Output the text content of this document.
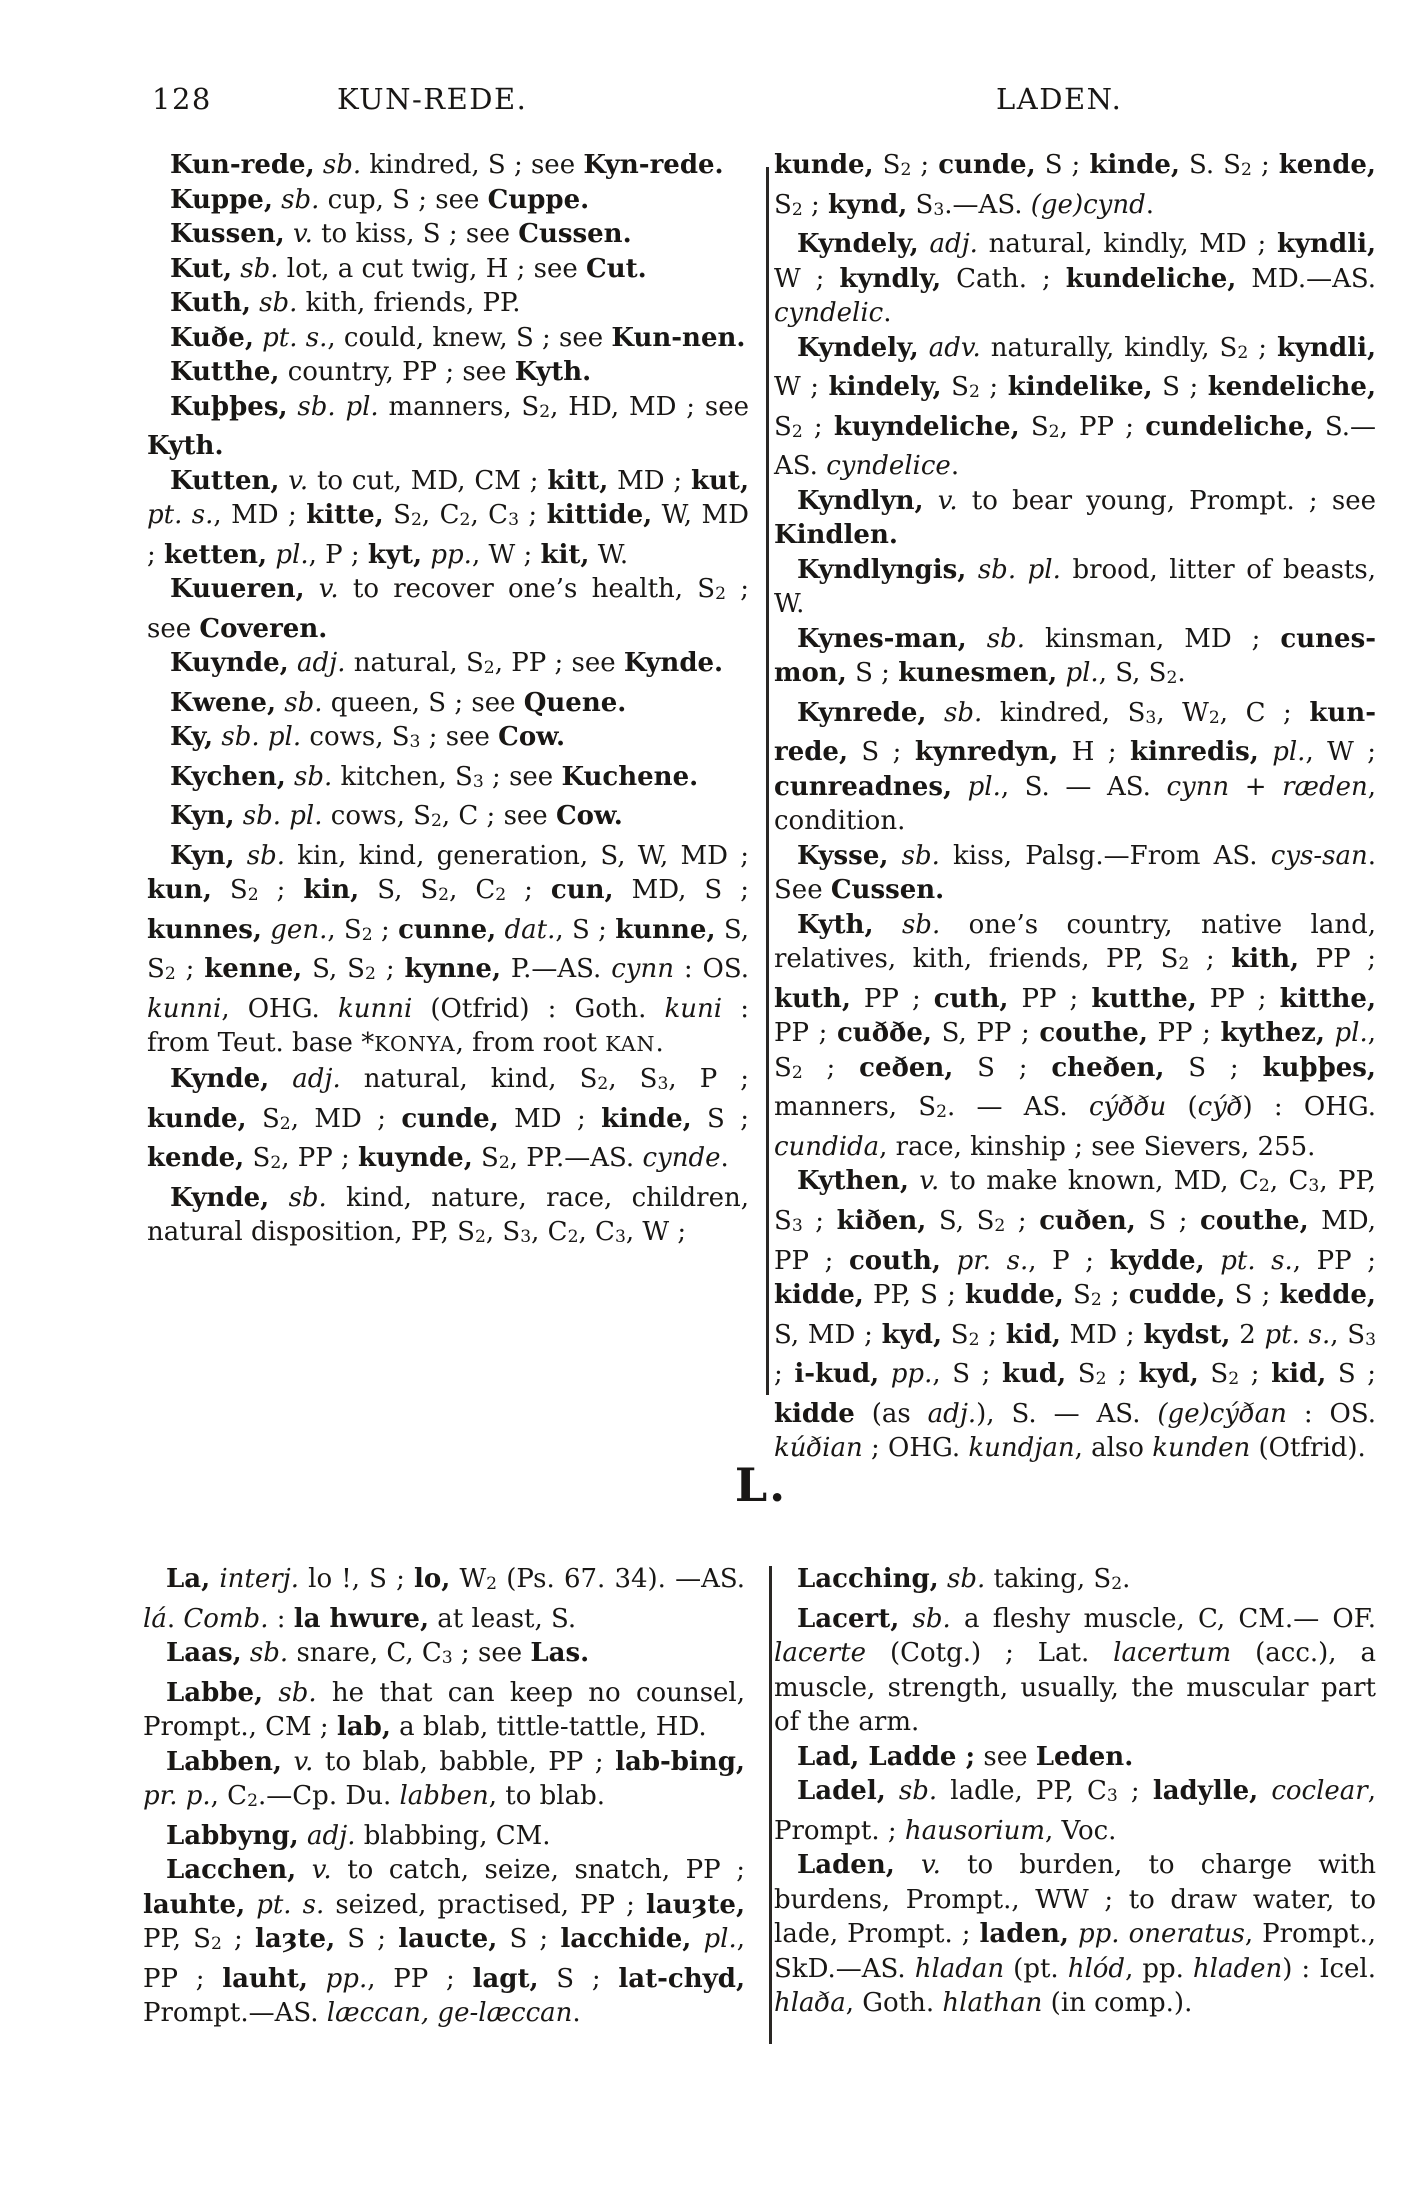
128	KUN-REDE.	LADEN.

Kun-rede, sb. kindred, S ; see Kyn-rede.

Kuppe, sb. cup, S ; see Cuppe.

Kussen, v. to kiss, S ; see Cussen.

Kut, sb. lot, a cut twig, H ; see Cut.

Kuth, sb. kith, friends, PP.

Kuðe, pt. s., could, knew, S ; see Kun-nen.

Kutthe, country, PP ; see Kyth.

Kuþþes, sb. pl. manners, S2, HD, MD ; see Kyth.

Kutten, v. to cut, MD, CM ; kitt, MD ; kut, pt. s., MD ; kitte, S2, C2, C3 ; kittide, W, MD ; ketten, pl., P ; kyt, pp., W ; kit, W.

Kuueren, v. to recover one’s health, S2 ; see Coveren.

Kuynde, adj. natural, S2, PP ; see Kynde.

Kwene, sb. queen, S ; see Quene.

Ky, sb. pl. cows, S3 ; see Cow.

Kychen, sb. kitchen, S3 ; see Kuchene.

Kyn, sb. pl. cows, S2, C ; see Cow.

Kyn, sb. kin, kind, generation, S, W, MD ; kun, S2 ; kin, S, S2, C2 ; cun, MD, S ; kunnes, gen., S2 ; cunne, dat., S ; kunne, S, S2 ; kenne, S, S2 ; kynne, P.—AS. cynn : OS. kunni, OHG. kunni (Otfrid) : Goth. kuni : from Teut. base *KONYA, from root KAN.

Kynde, adj. natural, kind, S2, S3, P ; kunde, S2, MD ; cunde, MD ; kinde, S ; kende, S2, PP ; kuynde, S2, PP.—AS. cynde.

Kynde, sb. kind, nature, race, children, natural disposition, PP, S2, S3, C2, C3, W ;

kunde, S2 ; cunde, S ; kinde, S. S2 ; kende, S2 ; kynd, S3.—AS. (ge)cynd.

Kyndely, adj. natural, kindly, MD ; kyndli, W ; kyndly, Cath. ; kundeliche, MD.—AS. cyndelic.

Kyndely, adv. naturally, kindly, S2 ; kyndli, W ; kindely, S2 ; kindelike, S ; kendeliche, S2 ; kuyndeliche, S2, PP ; cundeliche, S.—AS. cyndelice.

Kyndlyn, v. to bear young, Prompt. ; see Kindlen.

Kyndlyngis, sb. pl. brood, litter of beasts, W.

Kynes-man, sb. kinsman, MD ; cunes-mon, S ; kunesmen, pl., S, S2.

Kynrede, sb. kindred, S3, W2, C ; kun-rede, S ; kynredyn, H ; kinredis, pl., W ; cunreadnes, pl., S. — AS. cynn + ræden, condition.

Kysse, sb. kiss, Palsg.—From AS. cys-san. See Cussen.

Kyth, sb. one’s country, native land, relatives, kith, friends, PP, S2 ; kith, PP ; kuth, PP ; cuth, PP ; kutthe, PP ; kitthe, PP ; cuððe, S, PP ; couthe, PP ; kythez, pl., S2 ; ceðen, S ; cheðen, S ; kuþþes, manners, S2. — AS. cýððu (cýð) : OHG. cundida, race, kinship ; see Sievers, 255.

Kythen, v. to make known, MD, C2, C3, PP, S3 ; kiðen, S, S2 ; cuðen, S ; couthe, MD, PP ; couth, pr. s., P ; kydde, pt. s., PP ; kidde, PP, S ; kudde, S2 ; cudde, S ; kedde, S, MD ; kyd, S2 ; kid, MD ; kydst, 2 pt. s., S3 ; i-kud, pp., S ; kud, S2 ; kyd, S2 ; kid, S ; kidde (as adj.), S. — AS. (ge)cýðan : OS. kúðian ; OHG. kundjan, also kunden (Otfrid).

L.

La, interj. lo !, S ; lo, W2 (Ps. 67. 34). —AS. lá. Comb. : la hwure, at least, S.

Laas, sb. snare, C, C3 ; see Las.

Labbe, sb. he that can keep no counsel, Prompt., CM ; lab, a blab, tittle-tattle, HD.

Labben, v. to blab, babble, PP ; lab-bing, pr. p., C2.—Cp. Du. labben, to blab.

Labbyng, adj. blabbing, CM.

Lacchen, v. to catch, seize, snatch, PP ; lauhte, pt. s. seized, practised, PP ; lauȝte, PP, S2 ; laȝte, S ; laucte, S ; lacchide, pl., PP ; lauht, pp., PP ; lagt, S ; lat-chyd, Prompt.—AS. læccan, ge-læccan.

Lacching, sb. taking, S2.

Lacert, sb. a fleshy muscle, C, CM.— OF. lacerte (Cotg.) ; Lat. lacertum (acc.), a muscle, strength, usually, the muscular part of the arm.

Lad, Ladde ; see Leden.

Ladel, sb. ladle, PP, C3 ; ladylle, coclear, Prompt. ; hausorium, Voc.

Laden, v. to burden, to charge with burdens, Prompt., WW ; to draw water, to lade, Prompt. ; laden, pp. oneratus, Prompt., SkD.—AS. hladan (pt. hlód, pp. hladen) : Icel. hlaða, Goth. hlathan (in comp.).
